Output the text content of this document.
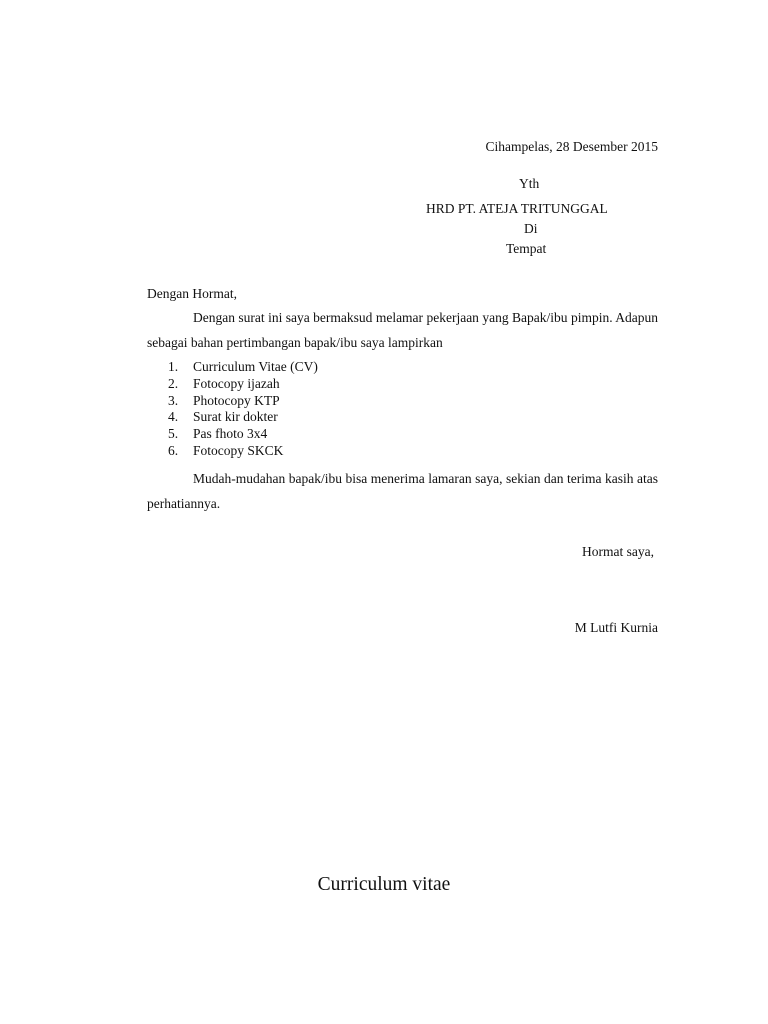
Cihampelas, 28 Desember 2015
Yth
HRD PT. ATEJA TRITUNGGAL
Di
Tempat
Dengan Hormat,

Dengan surat ini saya bermaksud melamar pekerjaan yang Bapak/ibu pimpin. Adapun sebagai bahan pertimbangan bapak/ibu saya lampirkan

1. Curriculum Vitae (CV)
2. Fotocopy ijazah
3. Photocopy KTP
4. Surat kir dokter
5. Pas fhoto 3x4
6. Fotocopy SKCK

Mudah-mudahan bapak/ibu bisa menerima lamaran saya, sekian dan terima kasih atas perhatiannya.

Hormat saya,
M Lutfi Kurnia
Curriculum vitae
